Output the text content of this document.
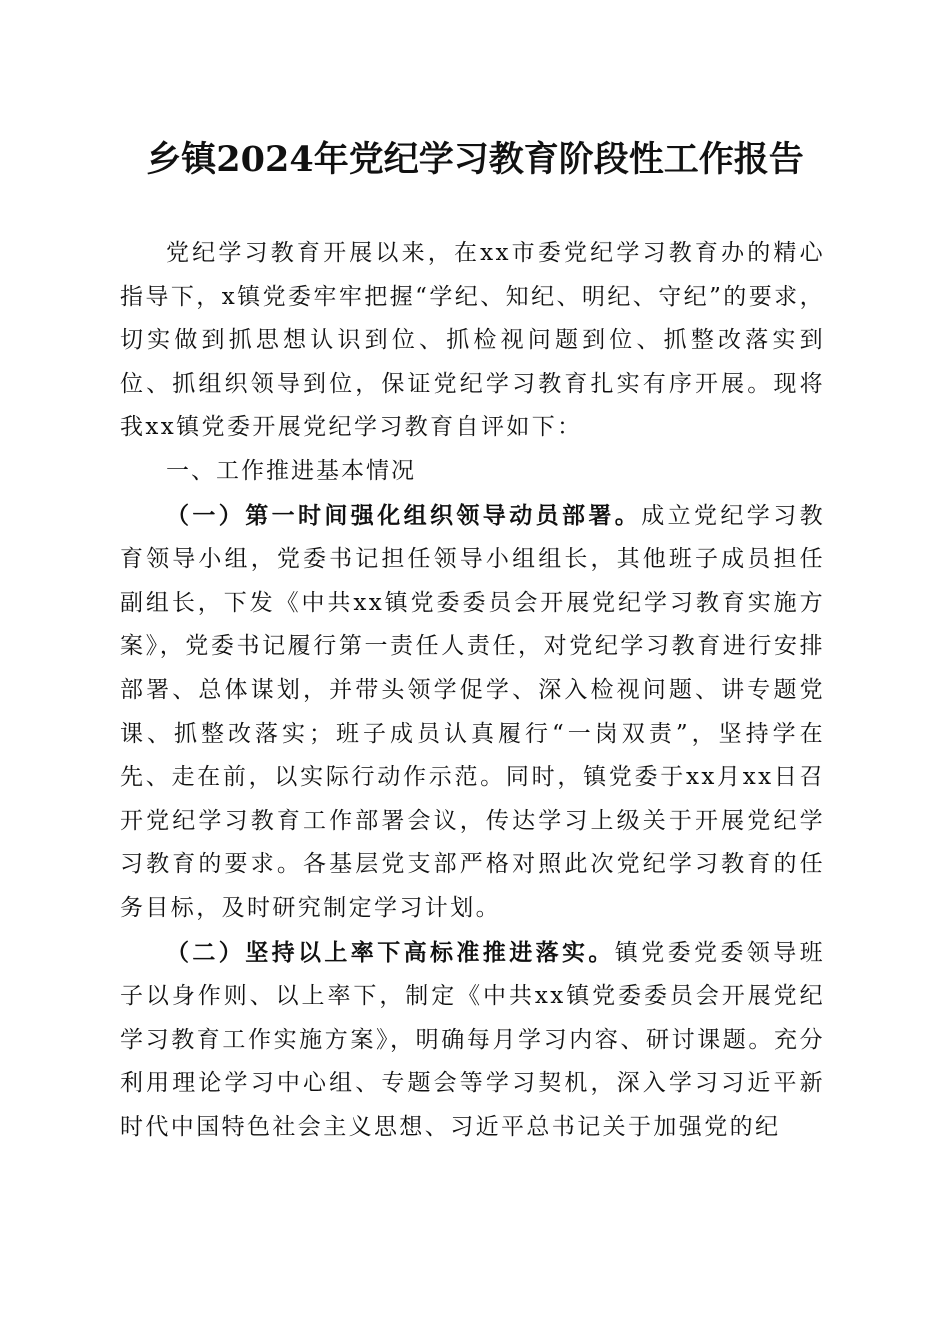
乡镇2024年党纪学习教育阶段性工作报告

党纪学习教育开展以来，在xx市委党纪学习教育办的精心指导下，x镇党委牢牢把握“学纪、知纪、明纪、守纪”的要求，切实做到抓思想认识到位、抓检视问题到位、抓整改落实到位、抓组织领导到位，保证党纪学习教育扎实有序开展。现将我xx镇党委开展党纪学习教育自评如下：

一、工作推进基本情况

（一）第一时间强化组织领导动员部署。成立党纪学习教育领导小组，党委书记担任领导小组组长，其他班子成员担任副组长，下发《中共xx镇党委委员会开展党纪学习教育实施方案》，党委书记履行第一责任人责任，对党纪学习教育进行安排部署、总体谋划，并带头领学促学、深入检视问题、讲专题党课、抓整改落实；班子成员认真履行“一岗双责”，坚持学在先、走在前，以实际行动作示范。同时，镇党委于xx月xx日召开党纪学习教育工作部署会议，传达学习上级关于开展党纪学习教育的要求。各基层党支部严格对照此次党纪学习教育的任务目标，及时研究制定学习计划。

（二）坚持以上率下高标准推进落实。镇党委党委领导班子以身作则、以上率下，制定《中共xx镇党委委员会开展党纪学习教育工作实施方案》，明确每月学习内容、研讨课题。充分利用理论学习中心组、专题会等学习契机，深入学习习近平新时代中国特色社会主义思想、习近平总书记关于加强党的纪
